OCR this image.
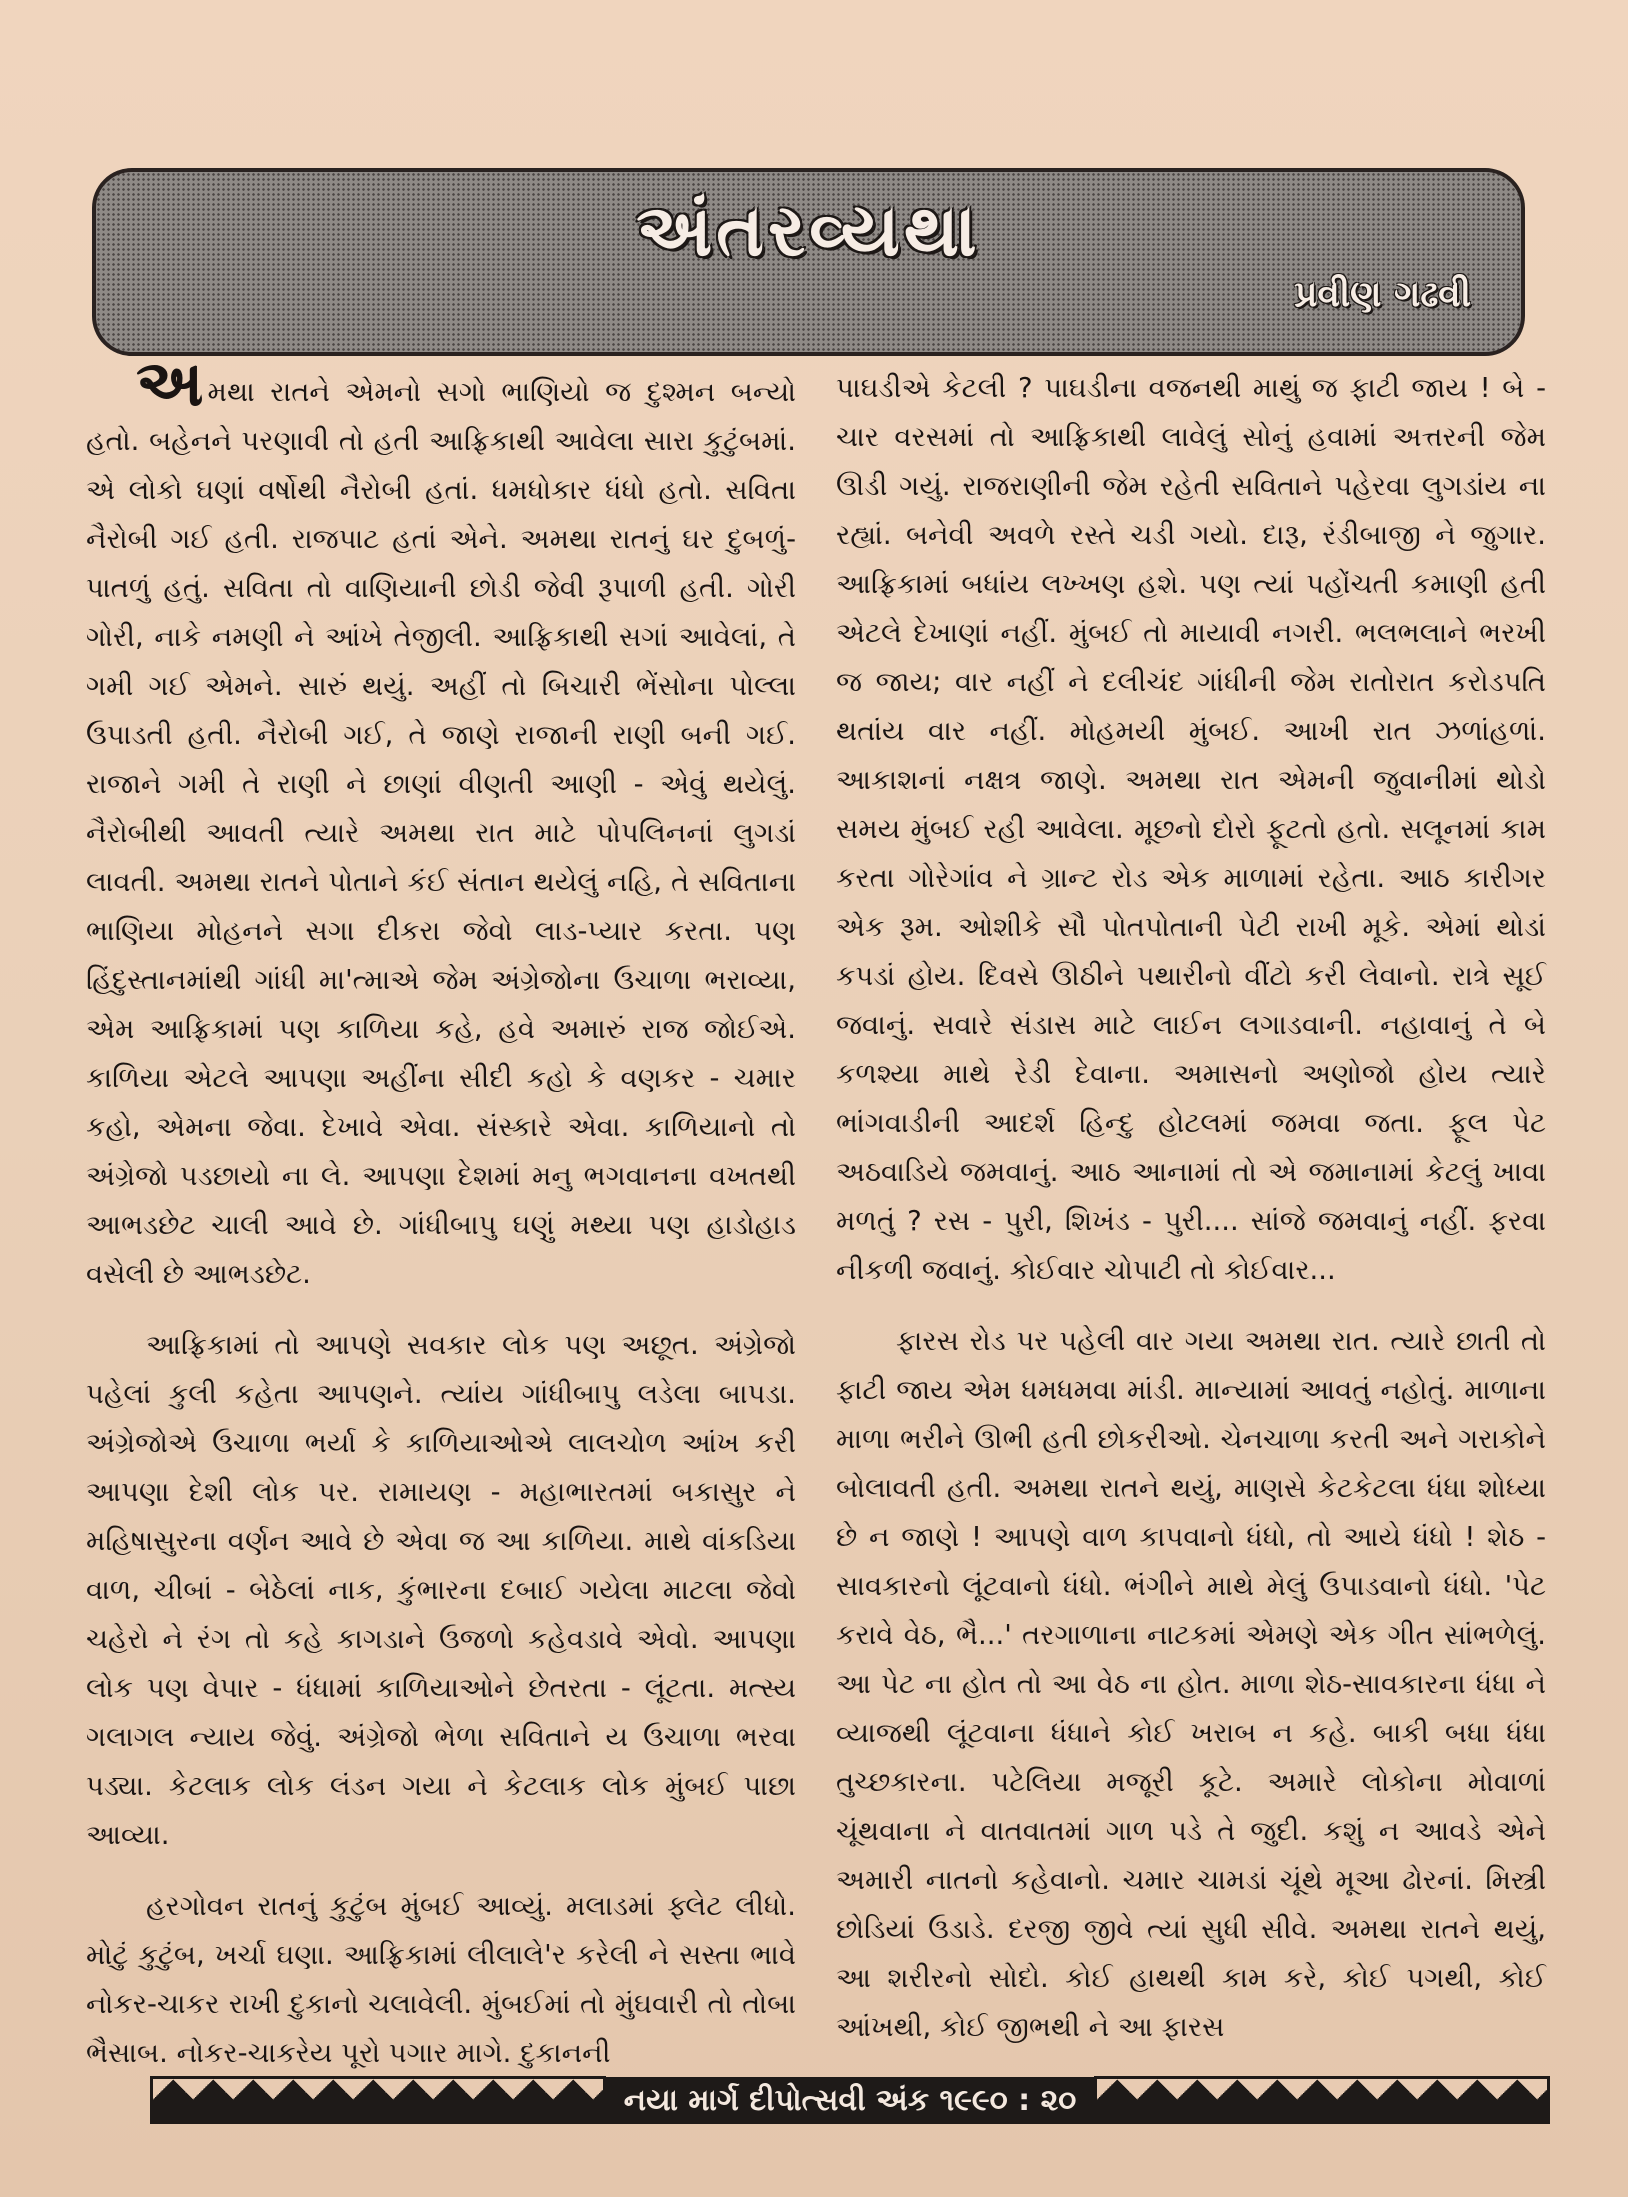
અંતરવ્યથા
પ્રવીણ ગઢવી

અમથા રાતને એમનો સગો ભાણિયો જ દુશ્મન બન્યો હતો. બહેનને પરણાવી તો હતી આફ્રિકાથી આવેલા સારા કુટુંબમાં. એ લોકો ઘણાં વર્ષોથી નૈરોબી હતાં. ધમધોકાર ધંધો હતો. સવિતા નૈરોબી ગઈ હતી. રાજપાટ હતાં એને. અમથા રાતનું ઘર દુબળું-પાતળું હતું. સવિતા તો વાણિયાની છોડી જેવી રૂપાળી હતી. ગોરી ગોરી, નાકે નમણી ને આંખે તેજીલી. આફ્રિકાથી સગાં આવેલાં, તે ગમી ગઈ એમને. સારું થયું. અહીં તો બિચારી ભેંસોના પોલ્લા ઉપાડતી હતી. નૈરોબી ગઈ, તે જાણે રાજાની રાણી બની ગઈ. રાજાને ગમી તે રાણી ને છાણાં વીણતી આણી - એવું થયેલું. નૈરોબીથી આવતી ત્યારે અમથા રાત માટે પોપલિનનાં લુગડાં લાવતી. અમથા રાતને પોતાને કંઈ સંતાન થયેલું નહિ, તે સવિતાના ભાણિયા મોહનને સગા દીકરા જેવો લાડ-પ્યાર કરતા. પણ હિંદુસ્તાનમાંથી ગાંધી મા'ત્માએ જેમ અંગ્રેજોના ઉચાળા ભરાવ્યા, એમ આફ્રિકામાં પણ કાળિયા કહે, હવે અમારું રાજ જોઈએ. કાળિયા એટલે આપણા અહીંના સીદી કહો કે વણકર - ચમાર કહો, એમના જેવા. દેખાવે એવા. સંસ્કારે એવા. કાળિયાનો તો અંગ્રેજો પડછાયો ના લે. આપણા દેશમાં મનુ ભગવાનના વખતથી આભડછેટ ચાલી આવે છે. ગાંધીબાપુ ઘણું મથ્યા પણ હાડોહાડ વસેલી છે આભડછેટ.

આફ્રિકામાં તો આપણે સવકાર લોક પણ અછૂત. અંગ્રેજો પહેલાં કુલી કહેતા આપણને. ત્યાંય ગાંધીબાપુ લડેલા બાપડા. અંગ્રેજોએ ઉચાળા ભર્યા કે કાળિયાઓએ લાલચોળ આંખ કરી આપણા દેશી લોક પર. રામાયણ - મહાભારતમાં બકાસુર ને મહિષાસુરના વર્ણન આવે છે એવા જ આ કાળિયા. માથે વાંકડિયા વાળ, ચીબાં - બેઠેલાં નાક, કુંભારના દબાઈ ગયેલા માટલા જેવો ચહેરો ને રંગ તો કહે કાગડાને ઉજળો કહેવડાવે એવો. આપણા લોક પણ વેપાર - ધંધામાં કાળિયાઓને છેતરતા - લૂંટતા. મત્સ્ય ગલાગલ ન્યાય જેવું. અંગ્રેજો ભેળા સવિતાને ય ઉચાળા ભરવા પડ્યા. કેટલાક લોક લંડન ગયા ને કેટલાક લોક મુંબઈ પાછા આવ્યા.

હરગોવન રાતનું કુટુંબ મુંબઈ આવ્યું. મલાડમાં ફ્લેટ લીધો. મોટું કુટુંબ, ખર્ચા ઘણા. આફ્રિકામાં લીલાલે'ર કરેલી ને સસ્તા ભાવે નોકર-ચાકર રાખી દુકાનો ચલાવેલી. મુંબઈમાં તો મુંઘવારી તો તોબા ભૈસાબ. નોકર-ચાકરેય પૂરો પગાર માગે. દુકાનની

પાઘડીએ કેટલી ? પાઘડીના વજનથી માથું જ ફાટી જાય ! બે - ચાર વરસમાં તો આફ્રિકાથી લાવેલું સોનું હવામાં અત્તરની જેમ ઊડી ગયું. રાજરાણીની જેમ રહેતી સવિતાને પહેરવા લુગડાંય ના રહ્યાં. બનેવી અવળે રસ્તે ચડી ગયો. દારૂ, રંડીબાજી ને જુગાર. આફ્રિકામાં બધાંય લખ્ખણ હશે. પણ ત્યાં પહોંચતી કમાણી હતી એટલે દેખાણાં નહીં. મુંબઈ તો માયાવી નગરી. ભલભલાને ભરખી જ જાય; વાર નહીં ને દલીચંદ ગાંધીની જેમ રાતોરાત કરોડપતિ થતાંય વાર નહીં. મોહમયી મુંબઈ. આખી રાત ઝળાંહળાં. આકાશનાં નક્ષત્ર જાણે. અમથા રાત એમની જુવાનીમાં થોડો સમય મુંબઈ રહી આવેલા. મૂછનો દોરો ફૂટતો હતો. સલૂનમાં કામ કરતા ગોરેગાંવ ને ગ્રાન્ટ રોડ એક માળામાં રહેતા. આઠ કારીગર એક રૂમ. ઓશીકે સૌ પોતપોતાની પેટી રાખી મૂકે. એમાં થોડાં કપડાં હોય. દિવસે ઊઠીને પથારીનો વીંટો કરી લેવાનો. રાત્રે સૂઈ જવાનું. સવારે સંડાસ માટે લાઈન લગાડવાની. નહાવાનું તે બે કળશ્યા માથે રેડી દેવાના. અમાસનો અણોજો હોય ત્યારે ભાંગવાડીની આદર્શ હિન્દુ હોટલમાં જમવા જતા. ફૂલ પેટ અઠવાડિયે જમવાનું. આઠ આનામાં તો એ જમાનામાં કેટલું ખાવા મળતું ? રસ - પુરી, શિખંડ - પુરી.... સાંજે જમવાનું નહીં. ફરવા નીકળી જવાનું. કોઈવાર ચોપાટી તો કોઈવાર...

ફારસ રોડ પર પહેલી વાર ગયા અમથા રાત. ત્યારે છાતી તો ફાટી જાય એમ ધમધમવા માંડી. માન્યામાં આવતું નહોતું. માળાના માળા ભરીને ઊભી હતી છોકરીઓ. ચેનચાળા કરતી અને ગરાકોને બોલાવતી હતી. અમથા રાતને થયું, માણસે કેટકેટલા ધંધા શોધ્યા છે ન જાણે ! આપણે વાળ કાપવાનો ધંધો, તો આયે ધંધો ! શેઠ - સાવકારનો લૂંટવાનો ધંધો. ભંગીને માથે મેલું ઉપાડવાનો ધંધો. 'પેટ કરાવે વેઠ, ભૈ...' તરગાળાના નાટકમાં એમણે એક ગીત સાંભળેલું. આ પેટ ના હોત તો આ વેઠ ના હોત. માળા શેઠ-સાવકારના ધંધા ને વ્યાજથી લૂંટવાના ધંધાને કોઈ ખરાબ ન કહે. બાકી બધા ધંધા તુચ્છકારના. પટેલિયા મજૂરી કૂટે. અમારે લોકોના મોવાળાં ચૂંથવાના ને વાતવાતમાં ગાળ પડે તે જુદી. કશું ન આવડે એને અમારી નાતનો કહેવાનો. ચમાર ચામડાં ચૂંથે મૂઆ ઢોરનાં. મિસ્ત્રી છોડિયાં ઉડાડે. દરજી જીવે ત્યાં સુધી સીવે. અમથા રાતને થયું, આ શરીરનો સોદો. કોઈ હાથથી કામ કરે, કોઈ પગથી, કોઈ આંખથી, કોઈ જીભથી ને આ ફારસ

નયા માર્ગ દીપોત્સવી અંક ૧૯૯૦ : ૨૦
